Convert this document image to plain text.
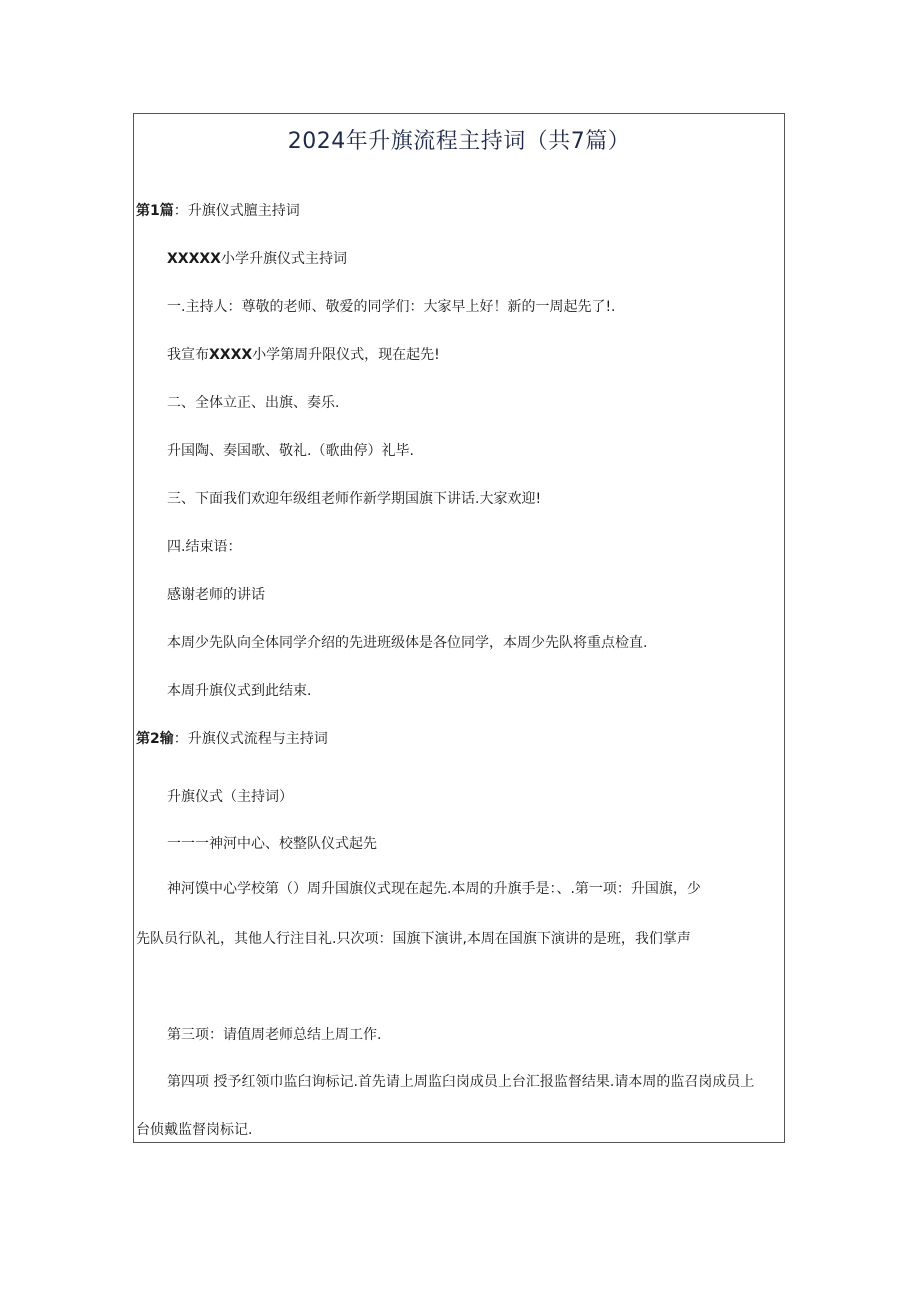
2024年升旗流程主持词（共7篇）
第1篇：升旗仪式膻主持词
XXXXX小学升旗仪式主持词
一.主持人：尊敬的老师、敬爱的同学们：大家早上好！新的一周起先了!.
我宣布XXXX小学第周升限仪式，现在起先!
二、全体立正、出旗、奏乐.
升国陶、奏国歌、敬礼.（歌曲停）礼毕.
三、下面我们欢迎年级组老师作新学期国旗下讲话.大家欢迎!
四.结束语：
感谢老师的讲话
本周少先队向全体同学介绍的先进班级体是各位同学，本周少先队将重点检直.
本周升旗仪式到此结束.
第2输：升旗仪式流程与主持词
升旗仪式（主持词）
一一一神河中心、校整队仪式起先
神河馍中心学校第（）周升国旗仪式现在起先.本周的升旗手是：、.第一项：升国旗，少
先队员行队礼，其他人行注目礼.只次项：国旗下演讲,本周在国旗下演讲的是班，我们掌声
第三项：请值周老师总结上周工作.
第四项 授予红领巾监臼询标记.首先请上周监臼岗成员上台汇报监督结果.请本周的监召岗成员上
台侦戴监督岗标记.
